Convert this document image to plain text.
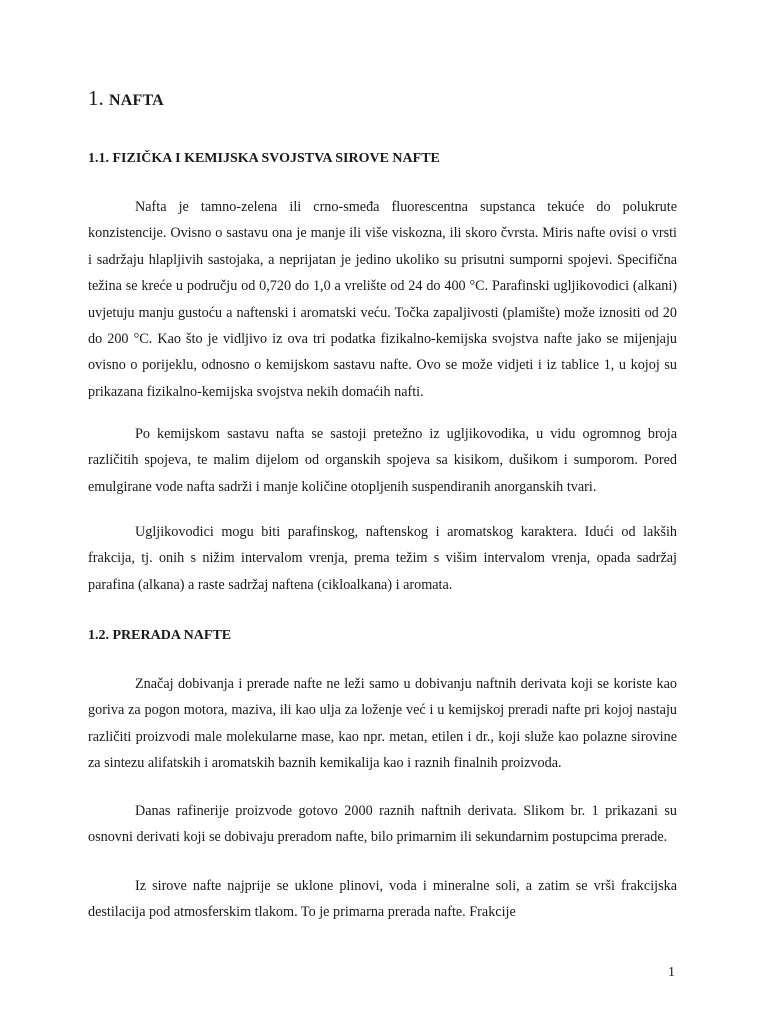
1. NAFTA
1.1. FIZIČKA I KEMIJSKA SVOJSTVA SIROVE NAFTE

Nafta je tamno-zelena ili crno-smeđa fluorescentna supstanca tekuće do polukrute konzistencije. Ovisno o sastavu ona je manje ili više viskozna, ili skoro čvrsta. Miris nafte ovisi o vrsti i sadržaju hlapljivih sastojaka, a neprijatan je jedino ukoliko su prisutni sumporni spojevi. Specifična težina se kreće u području od 0,720 do 1,0 a vrelište od 24 do 400 °C. Parafinski ugljikovodici (alkani) uvjetuju manju gustoću a naftenski i aromatski veću. Točka zapaljivosti (plamište) može iznositi od 20 do 200 °C. Kao što je vidljivo iz ova tri podatka fizikalno-kemijska svojstva nafte jako se mijenjaju ovisno o porijeklu, odnosno o kemijskom sastavu nafte. Ovo se može vidjeti i iz tablice 1, u kojoj su prikazana fizikalno-kemijska svojstva nekih domaćih nafti.

Po kemijskom sastavu nafta se sastoji pretežno iz ugljikovodika, u vidu ogromnog broja različitih spojeva, te malim dijelom od organskih spojeva sa kisikom, dušikom i sumporom. Pored emulgirane vode nafta sadrži i manje količine otopljenih suspendiranih anorganskih tvari.

Ugljikovodici mogu biti parafinskog, naftenskog i aromatskog karaktera. Idući od lakših frakcija, tj. onih s nižim intervalom vrenja, prema težim s višim intervalom vrenja, opada sadržaj parafina (alkana) a raste sadržaj naftena (cikloalkana) i aromata.

1.2. PRERADA NAFTE

Značaj dobivanja i prerade nafte ne leži samo u dobivanju naftnih derivata koji se koriste kao goriva za pogon motora, maziva, ili kao ulja za loženje već i u kemijskoj preradi nafte pri kojoj nastaju različiti proizvodi male molekularne mase, kao npr. metan, etilen i dr., koji služe kao polazne sirovine za sintezu alifatskih i aromatskih baznih kemikalija kao i raznih finalnih proizvoda.

Danas rafinerije proizvode gotovo 2000 raznih naftnih derivata. Slikom br. 1 prikazani su osnovni derivati koji se dobivaju preradom nafte, bilo primarnim ili sekundarnim postupcima prerade.

Iz sirove nafte najprije se uklone plinovi, voda i mineralne soli, a zatim se vrši frakcijska destilacija pod atmosferskim tlakom. To je primarna prerada nafte. Frakcije

1
